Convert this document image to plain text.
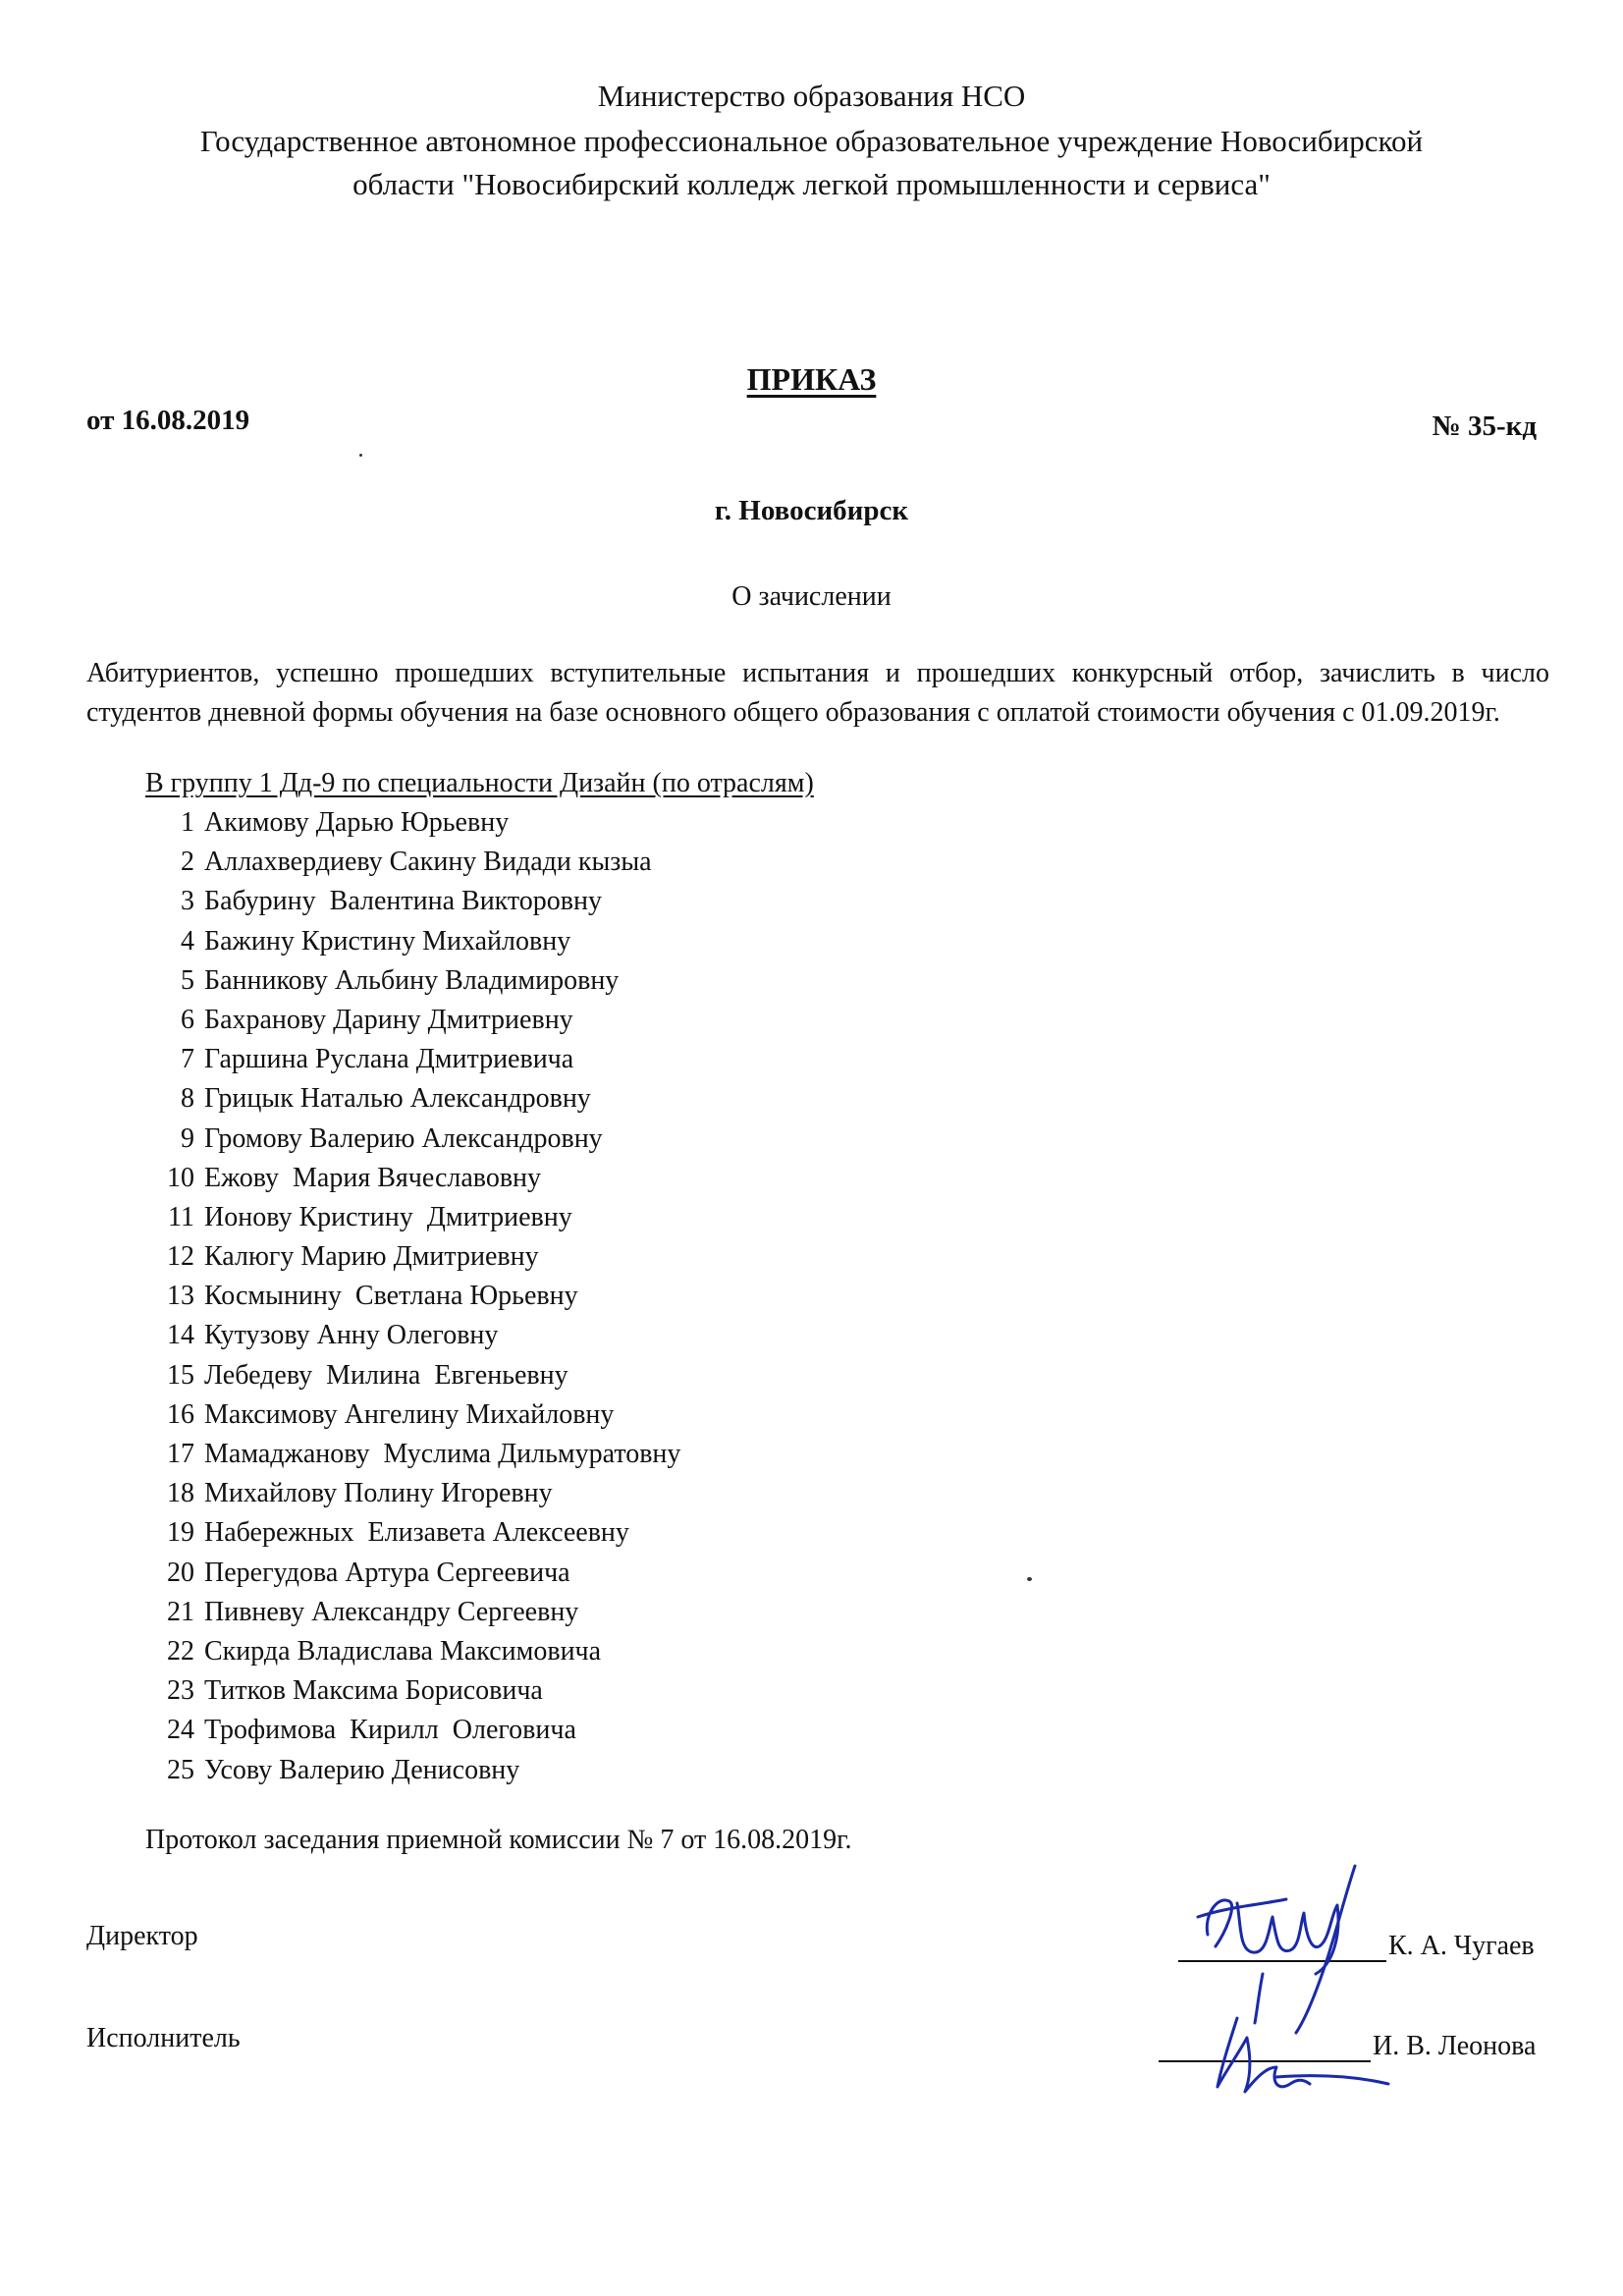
Министерство образования НСО
Государственное автономное профессиональное образовательное учреждение Новосибирской
области "Новосибирский колледж легкой промышленности и сервиса"
ПРИКАЗ
от 16.08.2019	№ 35-кд
г. Новосибирск
О зачислении
Абитуриентов, успешно прошедших вступительные испытания и прошедших конкурсный отбор, зачислить в число студентов дневной формы обучения на базе основного общего образования с оплатой стоимости обучения с 01.09.2019г.
В группу 1 Дд-9 по специальности Дизайн (по отраслям)
1 Акимову Дарью Юрьевну
2 Аллахвердиеву Сакину Видади кызыа
3 Бабурину  Валентина Викторовну
4 Бажину Кристину Михайловну
5 Банникову Альбину Владимировну
6 Бахранову Дарину Дмитриевну
7 Гаршина Руслана Дмитриевича
8 Грицык Наталью Александровну
9 Громову Валерию Александровну
10 Ежову  Мария Вячеславовну
11 Ионову Кристину  Дмитриевну
12 Калюгу Марию Дмитриевну
13 Космынину  Светлана Юрьевну
14 Кутузову Анну Олеговну
15 Лебедеву  Милина  Евгеньевну
16 Максимову Ангелину Михайловну
17 Мамаджанову  Муслима Дильмуратовну
18 Михайлову Полину Игоревну
19 Набережных  Елизавета Алексеевну
20 Перегудова Артура Сергеевича
21 Пивневу Александру Сергеевну
22 Скирда Владислава Максимовича
23 Титков Максима Борисовича
24 Трофимова  Кирилл  Олеговича
25 Усову Валерию Денисовну
Протокол заседания приемной комиссии № 7 от 16.08.2019г.
Директор	К. А. Чугаев
Исполнитель	И. В. Леонова
